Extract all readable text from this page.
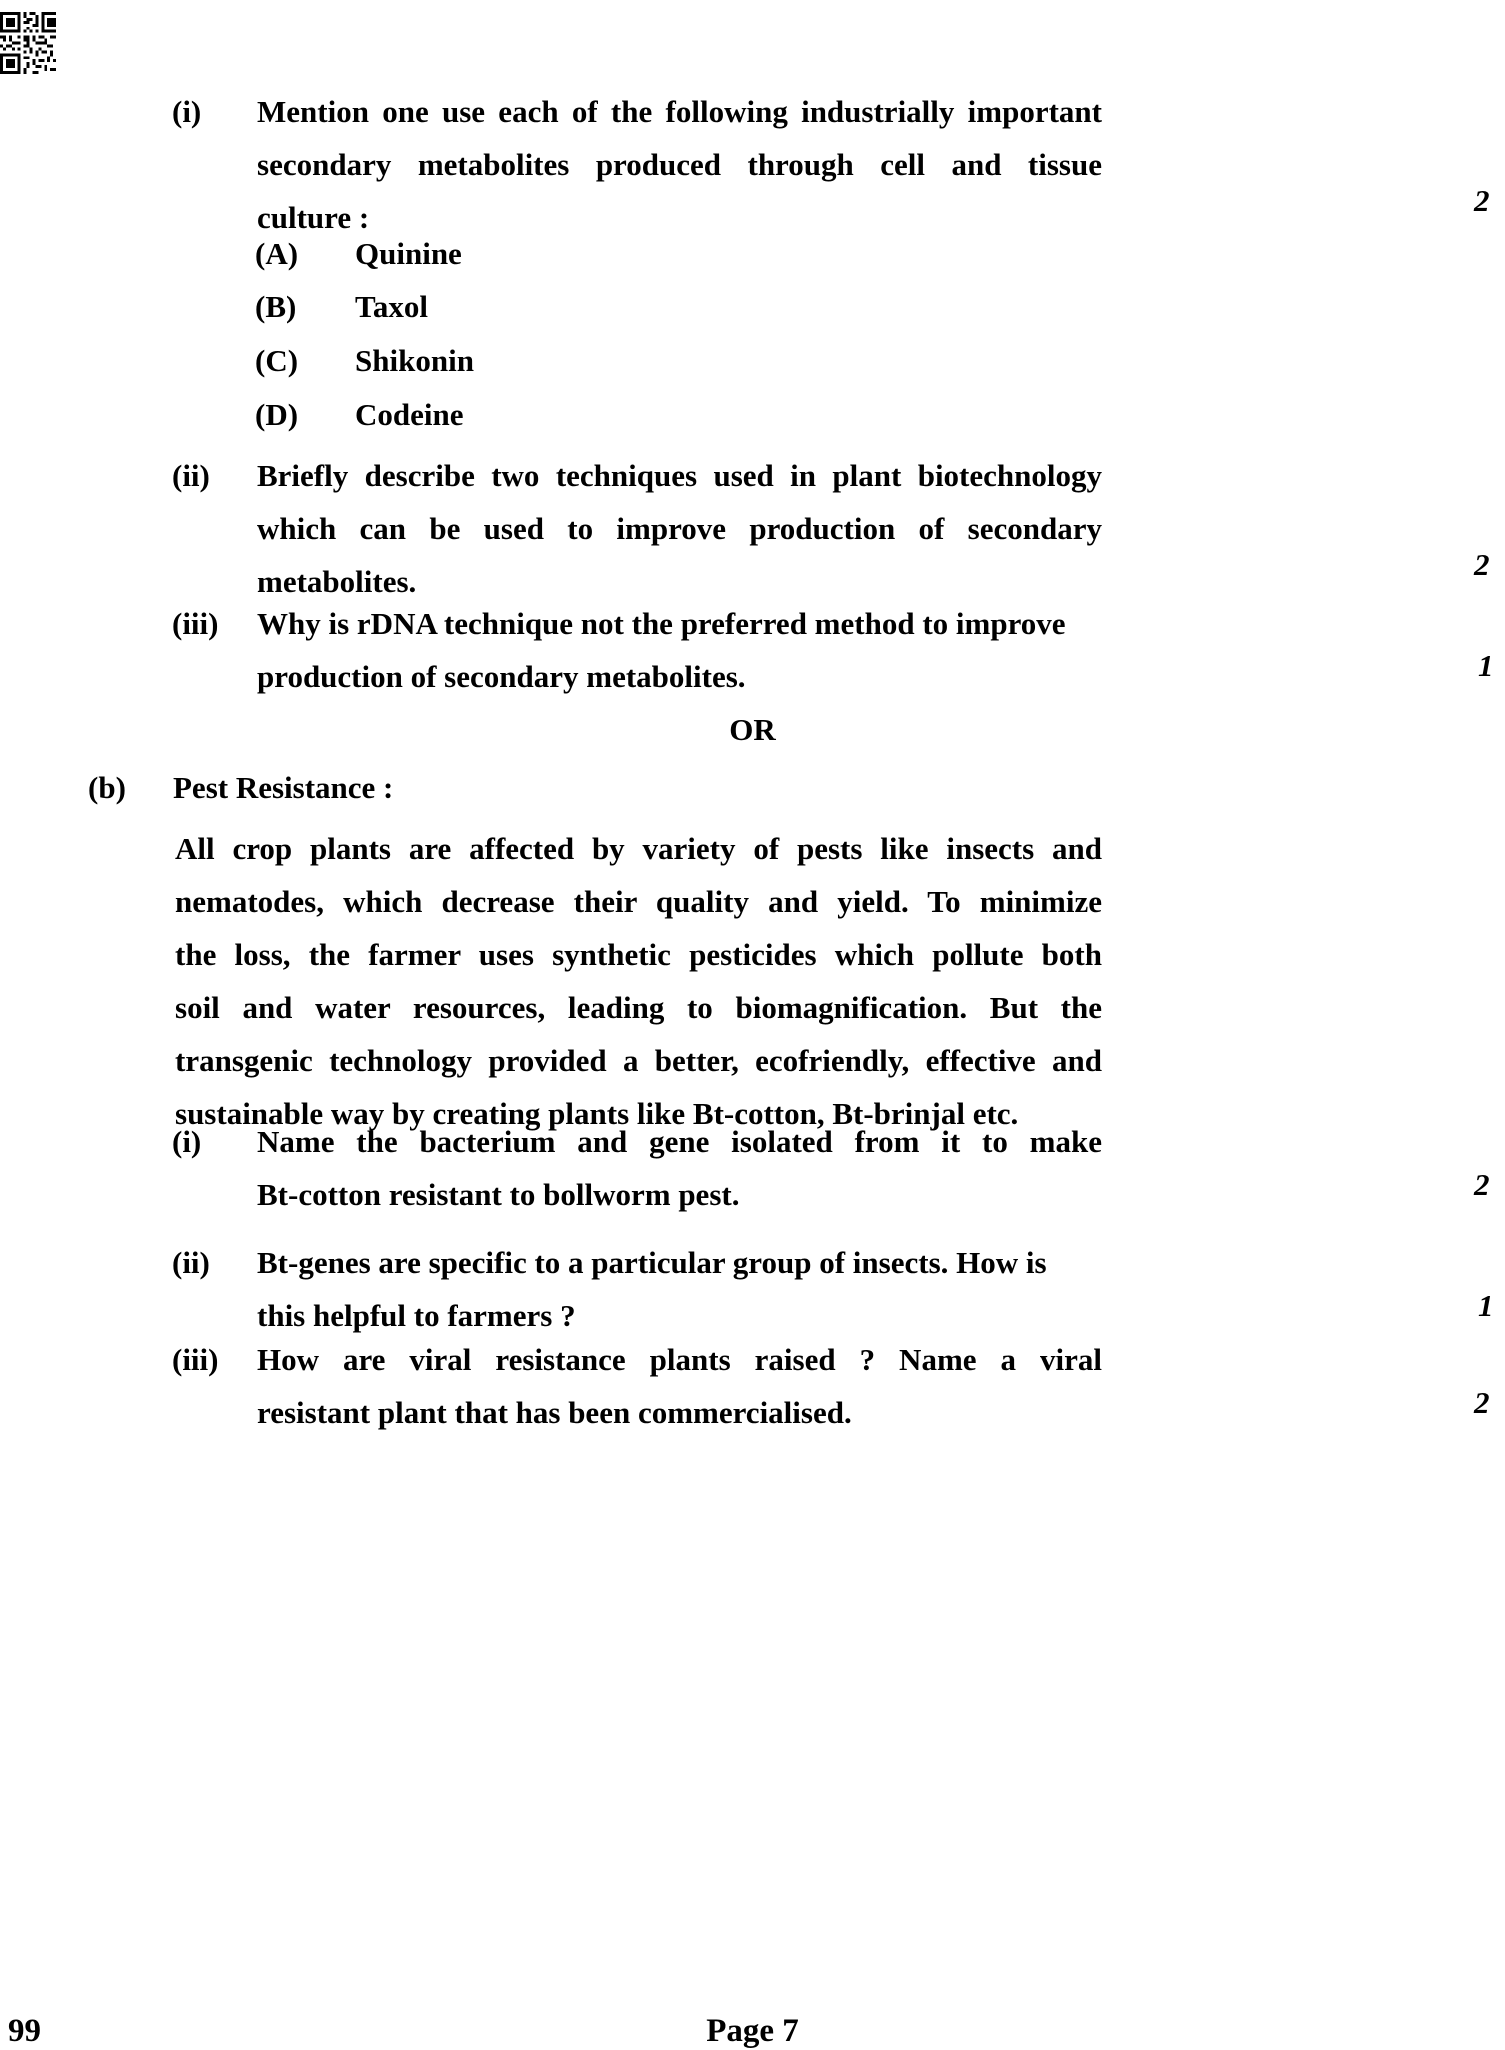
(i)	Mention one use each of the following industrially important
secondary metabolites produced through cell and tissue
culture :	2
(A)	Quinine
(B)	Taxol
(C)	Shikonin
(D)	Codeine
(ii)	Briefly describe two techniques used in plant biotechnology
which can be used to improve production of secondary
metabolites.	2
(iii)	Why is rDNA technique not the preferred method to improve
production of secondary metabolites.	1
OR
(b)	Pest Resistance :
All crop plants are affected by variety of pests like insects and
nematodes, which decrease their quality and yield. To minimize
the loss, the farmer uses synthetic pesticides which pollute both
soil and water resources, leading to biomagnification. But the
transgenic technology provided a better, ecofriendly, effective and
sustainable way by creating plants like Bt-cotton, Bt-brinjal etc.
(i)	Name the bacterium and gene isolated from it to make
Bt-cotton resistant to bollworm pest.	2
(ii)	Bt-genes are specific to a particular group of insects. How is
this helpful to farmers ?	1
(iii)	How are viral resistance plants raised ? Name a viral
resistant plant that has been commercialised.	2
99	Page 7
